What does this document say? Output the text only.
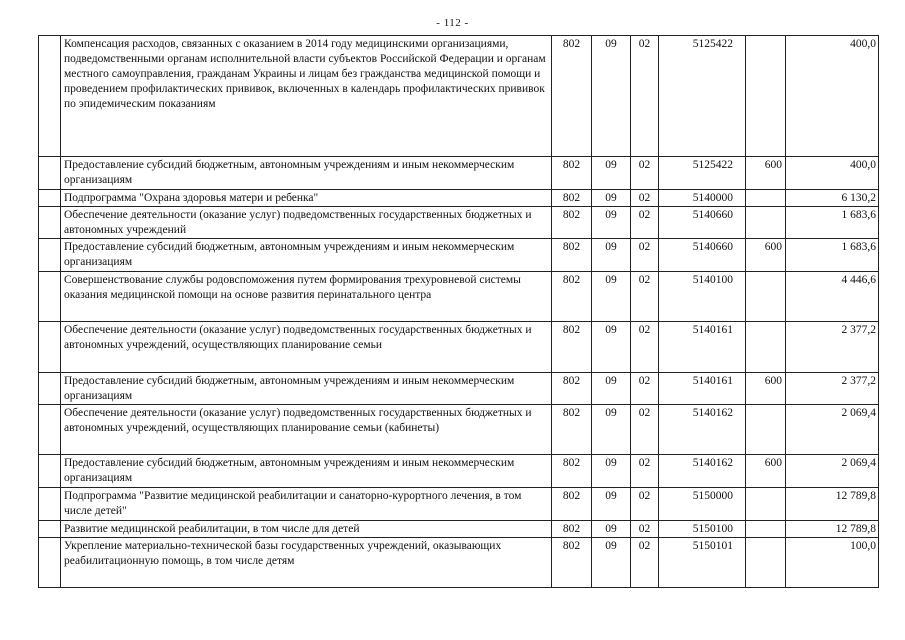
- 112 -
	Компенсация расходов, связанных с оказанием в 2014 году медицинскими организациями, подведомственными органам исполнительной власти субъектов Российской Федерации и органам местного самоуправления, гражданам Украины и лицам без гражданства медицинской помощи и проведением профилактических прививок, включенных в календарь профилактических прививок по эпидемическим показаниям	802	09	02	5125422		400,0
	Предоставление субсидий бюджетным, автономным учреждениям и иным некоммерческим организациям	802	09	02	5125422	600	400,0
	Подпрограмма "Охрана здоровья матери и ребенка"	802	09	02	5140000		6 130,2
	Обеспечение деятельности (оказание услуг) подведомственных государственных бюджетных и автономных учреждений	802	09	02	5140660		1 683,6
	Предоставление субсидий бюджетным, автономным учреждениям и иным некоммерческим организациям	802	09	02	5140660	600	1 683,6
	Совершенствование службы родовспоможения путем формирования трехуровневой системы оказания медицинской помощи на основе развития перинатального центра	802	09	02	5140100		4 446,6
	Обеспечение деятельности (оказание услуг) подведомственных государственных бюджетных и автономных учреждений, осуществляющих планирование семьи	802	09	02	5140161		2 377,2
	Предоставление субсидий бюджетным, автономным учреждениям и иным некоммерческим организациям	802	09	02	5140161	600	2 377,2
	Обеспечение деятельности (оказание услуг) подведомственных государственных бюджетных и автономных учреждений, осуществляющих планирование семьи (кабинеты)	802	09	02	5140162		2 069,4
	Предоставление субсидий бюджетным, автономным учреждениям и иным некоммерческим организациям	802	09	02	5140162	600	2 069,4
	Подпрограмма "Развитие медицинской реабилитации и санаторно-курортного лечения, в том числе детей"	802	09	02	5150000		12 789,8
	Развитие медицинской реабилитации, в том числе для детей	802	09	02	5150100		12 789,8
	Укрепление материально-технической базы государственных учреждений, оказывающих реабилитационную помощь, в том числе детям	802	09	02	5150101		100,0
